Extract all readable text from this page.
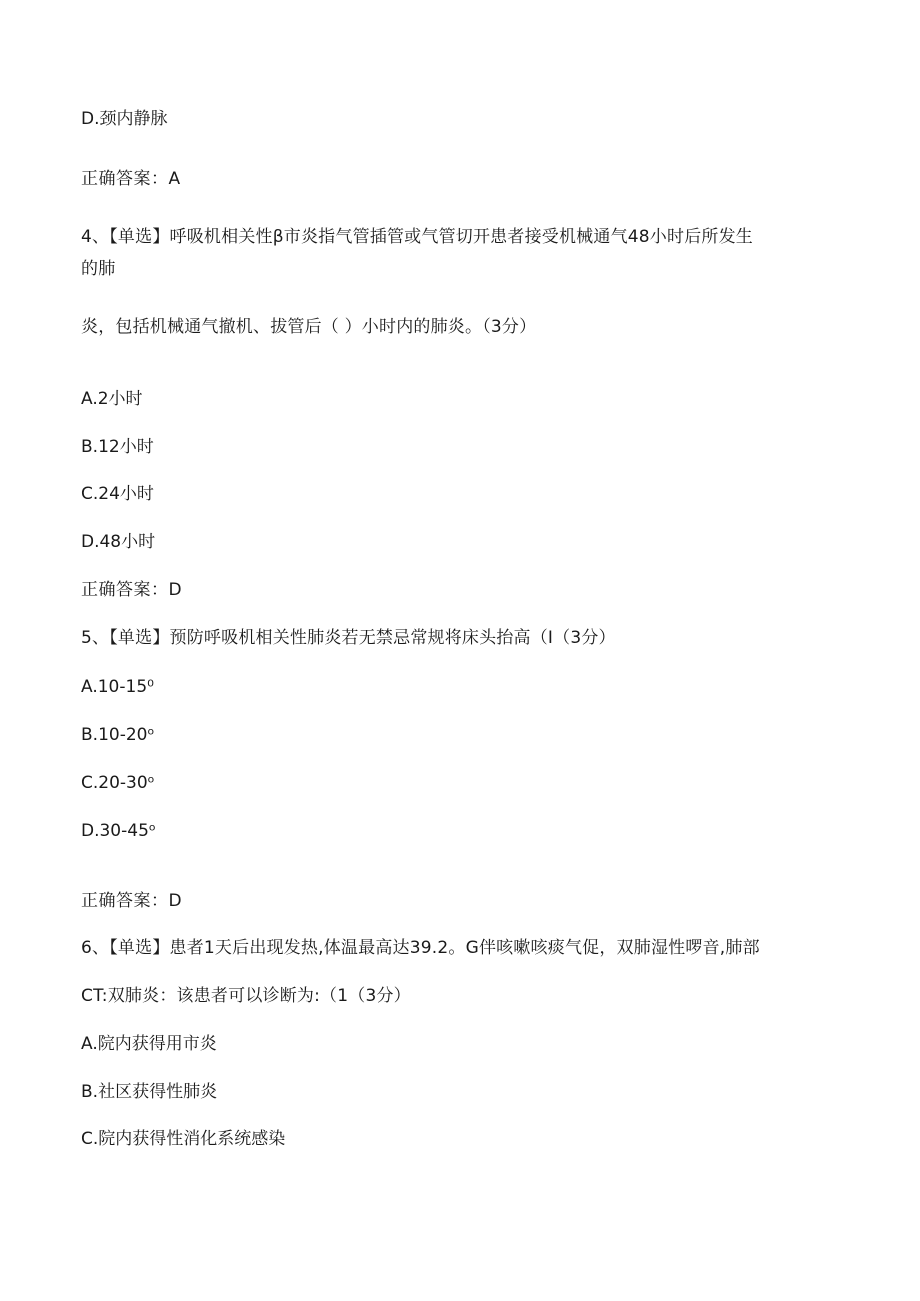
D.颈内静脉
正确答案：A
4、【单选】呼吸机相关性β市炎指气管插管或气管切开患者接受机械通气48小时后所发生
的肺
炎，包括机械通气撤机、拔管后（ ）小时内的肺炎。（3分）
A.2小时
B.12小时
C.24小时
D.48小时
正确答案：D
5、【单选】预防呼吸机相关性肺炎若无禁忌常规将床头抬高（I（3分）
A.10-15⁰
B.10-20ᵒ
C.20-30ᵒ
D.30-45ᵒ
正确答案：D
6、【单选】患者1天后出现发热,体温最高达39.2。G伴咳嗽咳痰气促，双肺湿性啰音,肺部
CT:双肺炎：该患者可以诊断为:（1（3分）
A.院内获得用市炎
B.社区获得性肺炎
C.院内获得性消化系统感染
